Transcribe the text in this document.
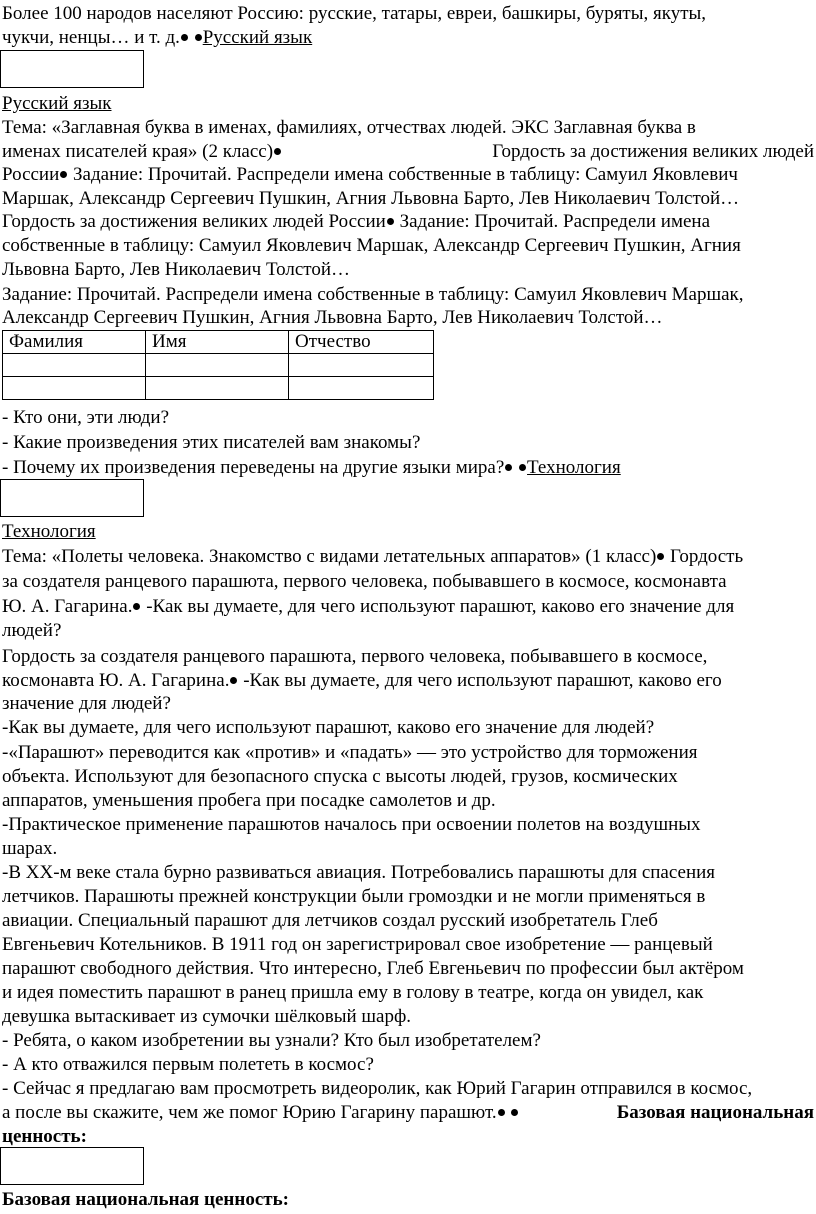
Более 100 народов населяют Россию: русские, татары, евреи, башкиры, буряты, якуты,

чукчи, ненцы… и т. д. Русский язык

Русский язык

Тема: «Заглавная буква в именах, фамилиях, отчествах людей. ЭКС Заглавная буква в

именах писателей края» (2 класс)	Гордость за достижения великих людей

России Задание: Прочитай. Распредели имена собственные в таблицу: Самуил Яковлевич

Маршак, Александр Сергеевич Пушкин, Агния Львовна Барто, Лев Николаевич Толстой…

Гордость за достижения великих людей России Задание: Прочитай. Распредели имена

собственные в таблицу: Самуил Яковлевич Маршак, Александр Сергеевич Пушкин, Агния

Львовна Барто, Лев Николаевич Толстой…

Задание: Прочитай. Распредели имена собственные в таблицу: Самуил Яковлевич Маршак,

Александр Сергеевич Пушкин, Агния Львовна Барто, Лев Николаевич Толстой…

Фамилия	Имя	Отчество

- Кто они, эти люди?

- Какие произведения этих писателей вам знакомы?

- Почему их произведения переведены на другие языки мира? Технология

Технология

Тема: «Полеты человека. Знакомство с видами летательных аппаратов» (1 класс) Гордость

за создателя ранцевого парашюта, первого человека, побывавшего в космосе, космонавта

Ю. А. Гагарина. -Как вы думаете, для чего используют парашют, каково его значение для

людей?

Гордость за создателя ранцевого парашюта, первого человека, побывавшего в космосе,

космонавта Ю. А. Гагарина. -Как вы думаете, для чего используют парашют, каково его

значение для людей?

-Как вы думаете, для чего используют парашют, каково его значение для людей?

-«Парашют» переводится как «против» и «падать» — это устройство для торможения

объекта. Используют для безопасного спуска с высоты людей, грузов, космических

аппаратов, уменьшения пробега при посадке самолетов и др.

-Практическое применение парашютов началось при освоении полетов на воздушных

шарах.

-В XX-м веке стала бурно развиваться авиация. Потребовались парашюты для спасения

летчиков. Парашюты прежней конструкции были громоздки и не могли применяться в

авиации. Специальный парашют для летчиков создал русский изобретатель Глеб

Евгеньевич Котельников. В 1911 год он зарегистрировал свое изобретение — ранцевый

парашют свободного действия. Что интересно, Глеб Евгеньевич по профессии был актёром

и идея поместить парашют в ранец пришла ему в голову в театре, когда он увидел, как

девушка вытаскивает из сумочки шёлковый шарф.

- Ребята, о каком изобретении вы узнали? Кто был изобретателем?

- А кто отважился первым полететь в космос?

- Сейчас я предлагаю вам просмотреть видеоролик, как Юрий Гагарин отправился в космос,

а после вы скажите, чем же помог Юрию Гагарину парашют.	Базовая национальная

ценность:

Базовая национальная ценность:
